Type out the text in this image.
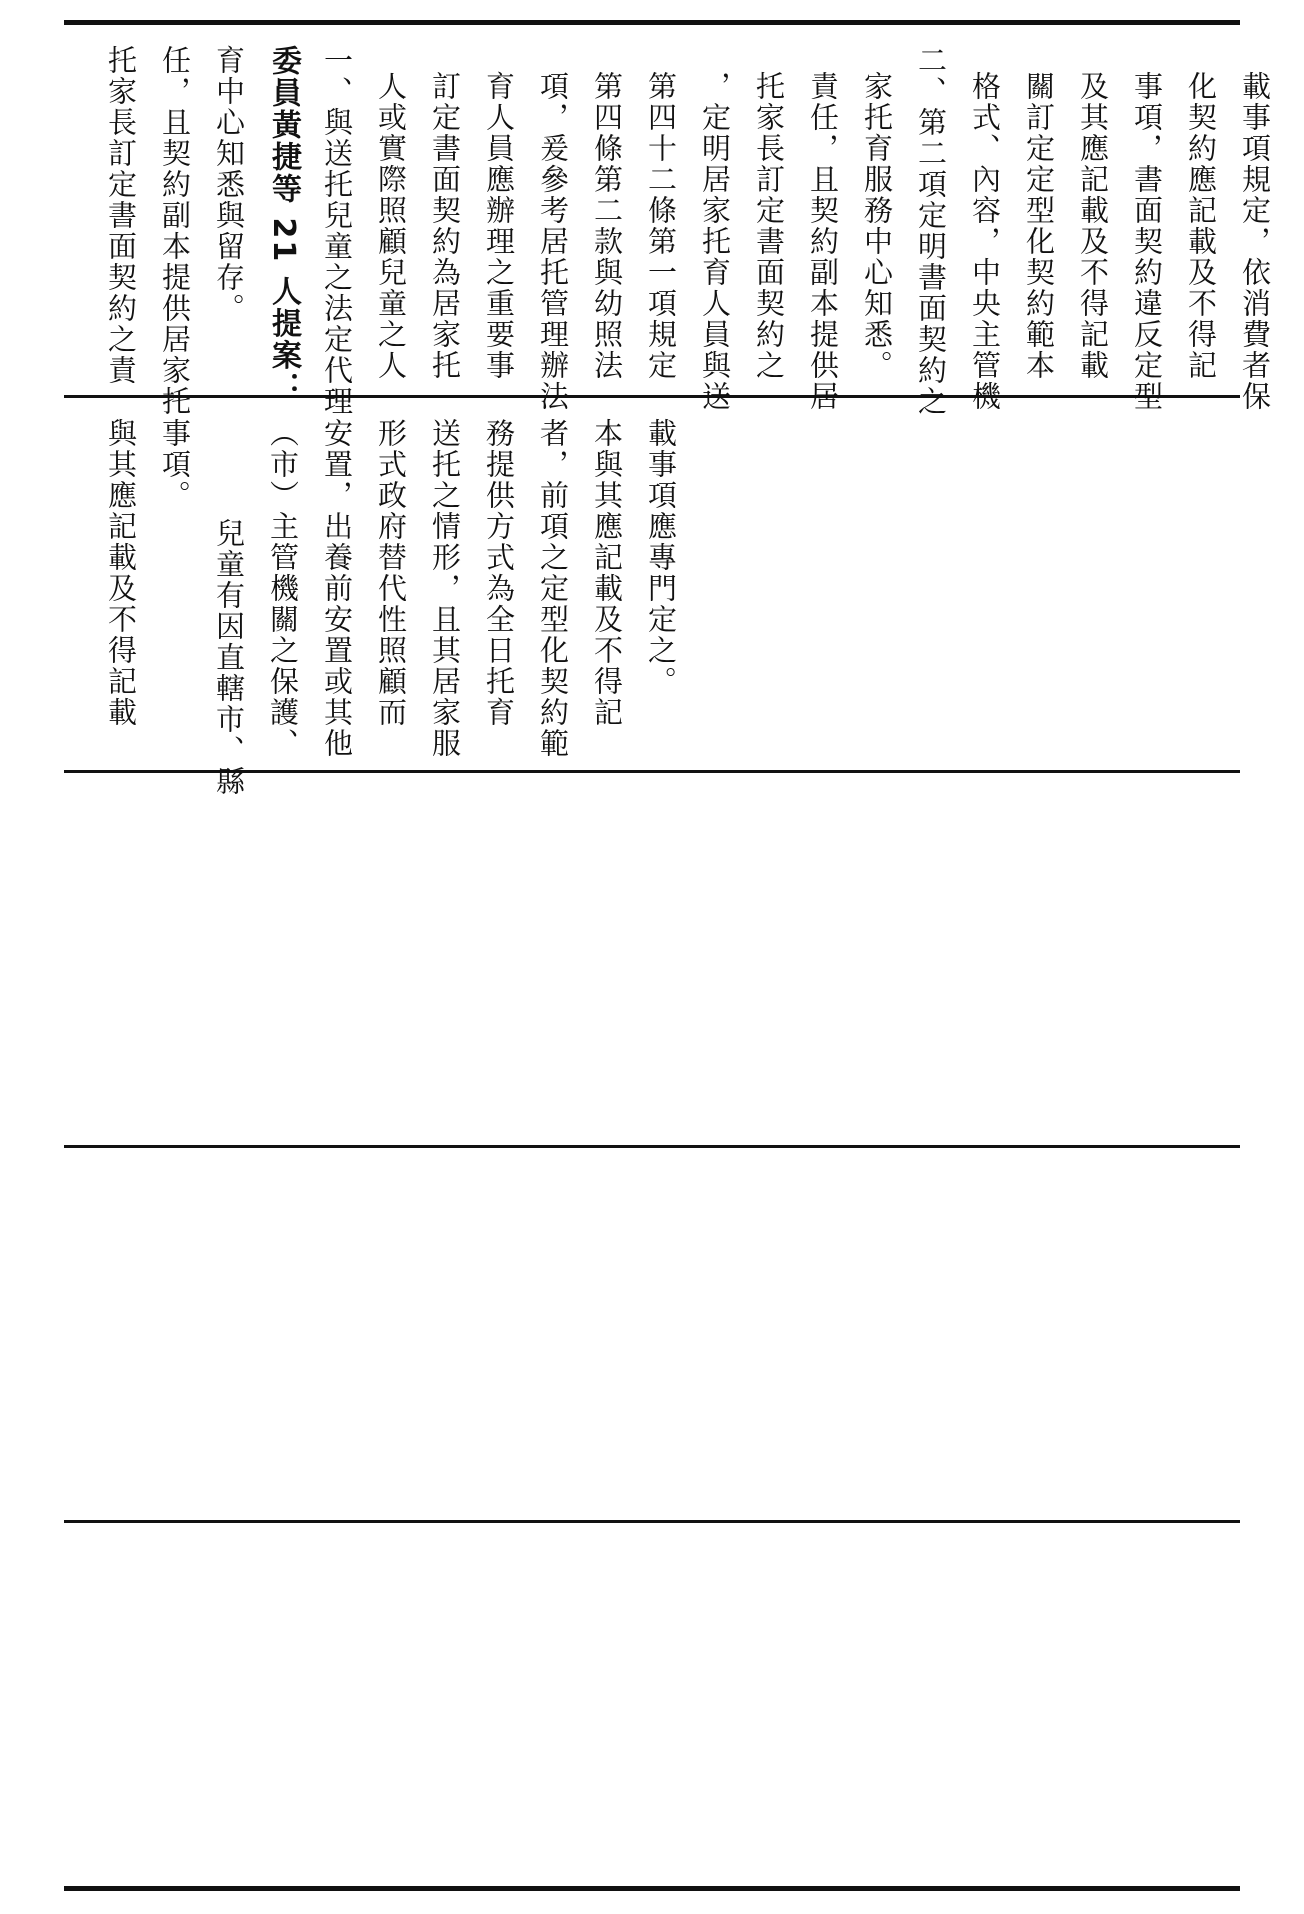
托家長訂定書面契約之責 任，且契約副本提供居家托 育中心知悉與留存。 委員黃捷等 21 人提案： 一、與送托兒童之法定代理 人或實際照顧兒童之人 訂定書面契約為居家托 育人員應辦理之重要事 項，爰參考居托管理辦法 第四條第二款與幼照法 第四十二條第一項規定 ，定明居家托育人員與送 托家長訂定書面契約之 責任，且契約副本提供居 家托育服務中心知悉。 二、第二項定明書面契約之 格式、內容，中央主管機 關訂定定型化契約範本 及其應記載及不得記載 事項，書面契約違反定型 化契約應記載及不得記 載事項規定，依消費者保
與其應記載及不得記載 事項。
兒童有因直轄市、縣 （市）主管機關之保護、 安置，出養前安置或其他 形式政府替代性照顧而 送托之情形，且其居家服 務提供方式為全日托育 者，前項之定型化契約範 本與其應記載及不得記 載事項應專門定之。
